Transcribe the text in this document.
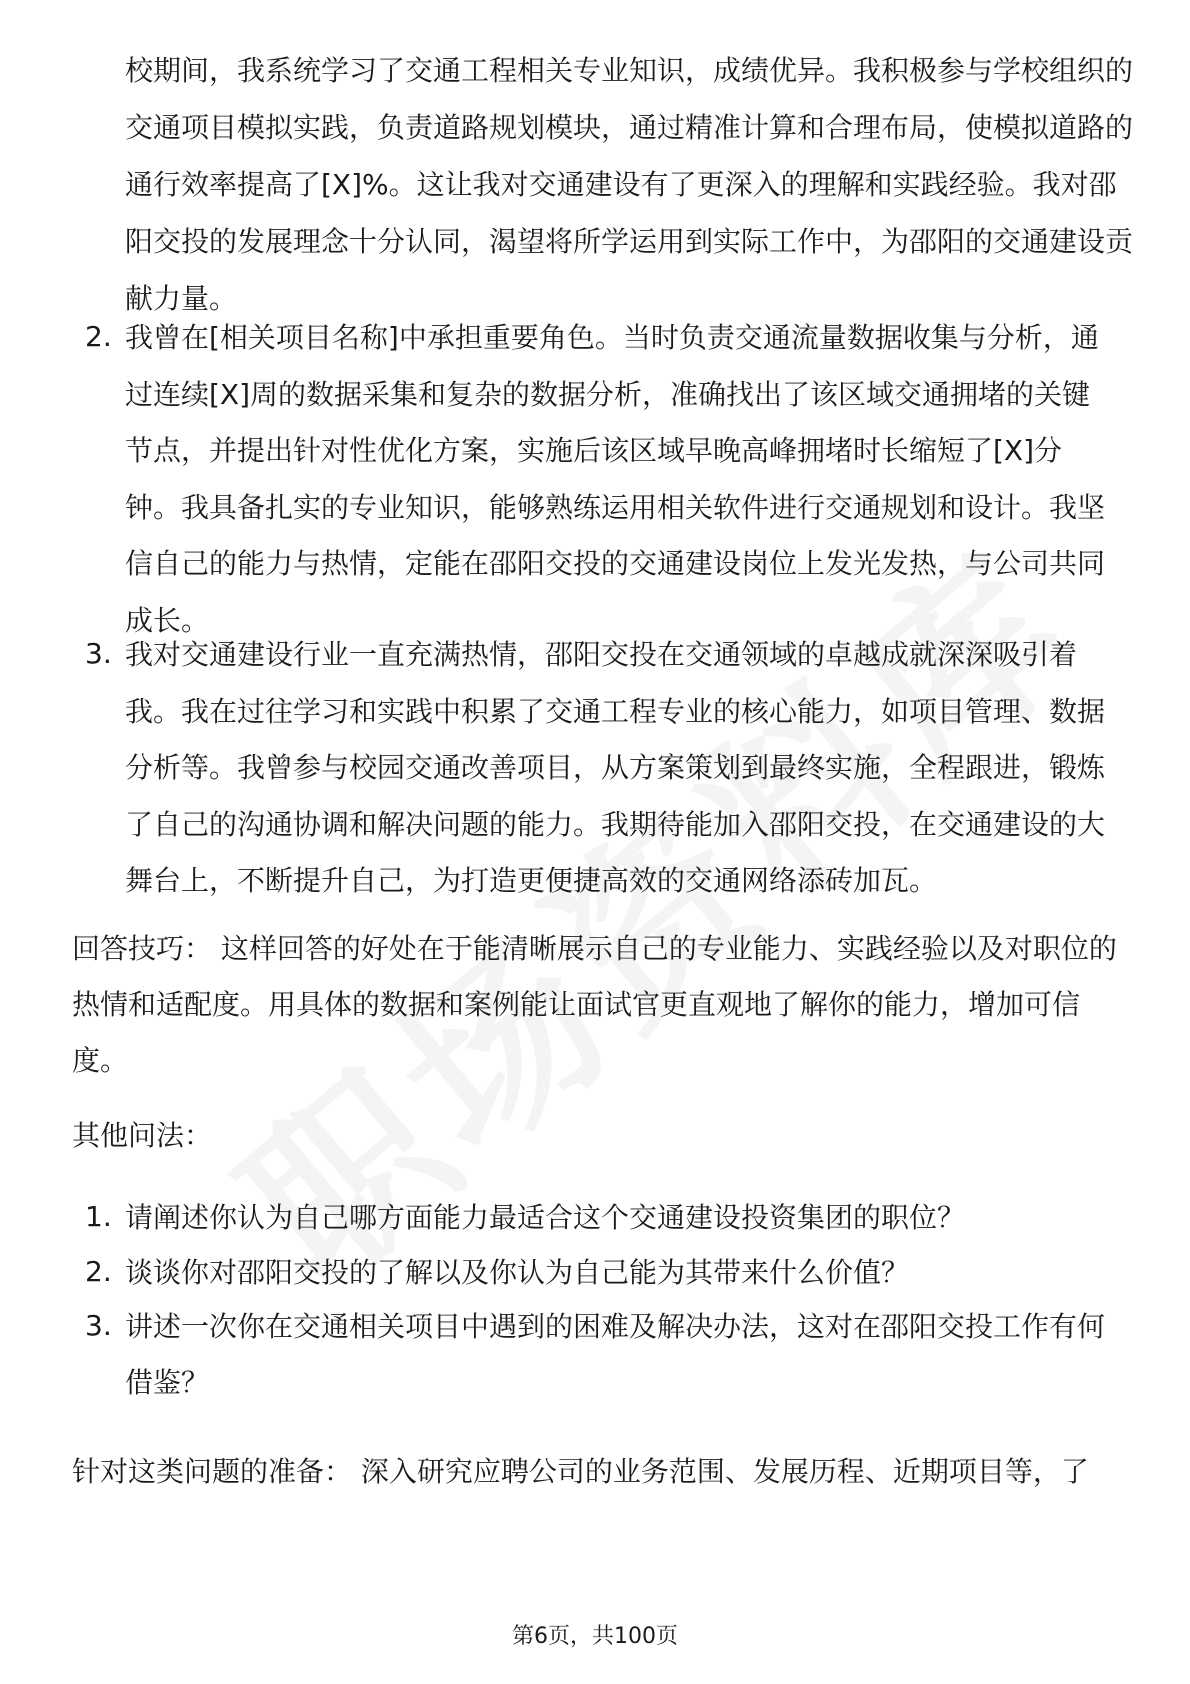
校期间，我系统学习了交通工程相关专业知识，成绩优异。我积极参与学校组织的交通项目模拟实践，负责道路规划模块，通过精准计算和合理布局，使模拟道路的通行效率提高了[X]%。这让我对交通建设有了更深入的理解和实践经验。我对邵阳交投的发展理念十分认同，渴望将所学运用到实际工作中，为邵阳的交通建设贡献力量。

2. 我曾在[相关项目名称]中承担重要角色。当时负责交通流量数据收集与分析，通过连续[X]周的数据采集和复杂的数据分析，准确找出了该区域交通拥堵的关键节点，并提出针对性优化方案，实施后该区域早晚高峰拥堵时长缩短了[X]分钟。我具备扎实的专业知识，能够熟练运用相关软件进行交通规划和设计。我坚信自己的能力与热情，定能在邵阳交投的交通建设岗位上发光发热，与公司共同成长。

3. 我对交通建设行业一直充满热情，邵阳交投在交通领域的卓越成就深深吸引着我。我在过往学习和实践中积累了交通工程专业的核心能力，如项目管理、数据分析等。我曾参与校园交通改善项目，从方案策划到最终实施，全程跟进，锻炼了自己的沟通协调和解决问题的能力。我期待能加入邵阳交投，在交通建设的大舞台上，不断提升自己，为打造更便捷高效的交通网络添砖加瓦。

回答技巧： 这样回答的好处在于能清晰展示自己的专业能力、实践经验以及对职位的热情和适配度。用具体的数据和案例能让面试官更直观地了解你的能力，增加可信度。

其他问法：

1. 请阐述你认为自己哪方面能力最适合这个交通建设投资集团的职位？

2. 谈谈你对邵阳交投的了解以及你认为自己能为其带来什么价值？

3. 讲述一次你在交通相关项目中遇到的困难及解决办法，这对在邵阳交投工作有何借鉴？

针对这类问题的准备： 深入研究应聘公司的业务范围、发展历程、近期项目等，了

第6页，共100页
